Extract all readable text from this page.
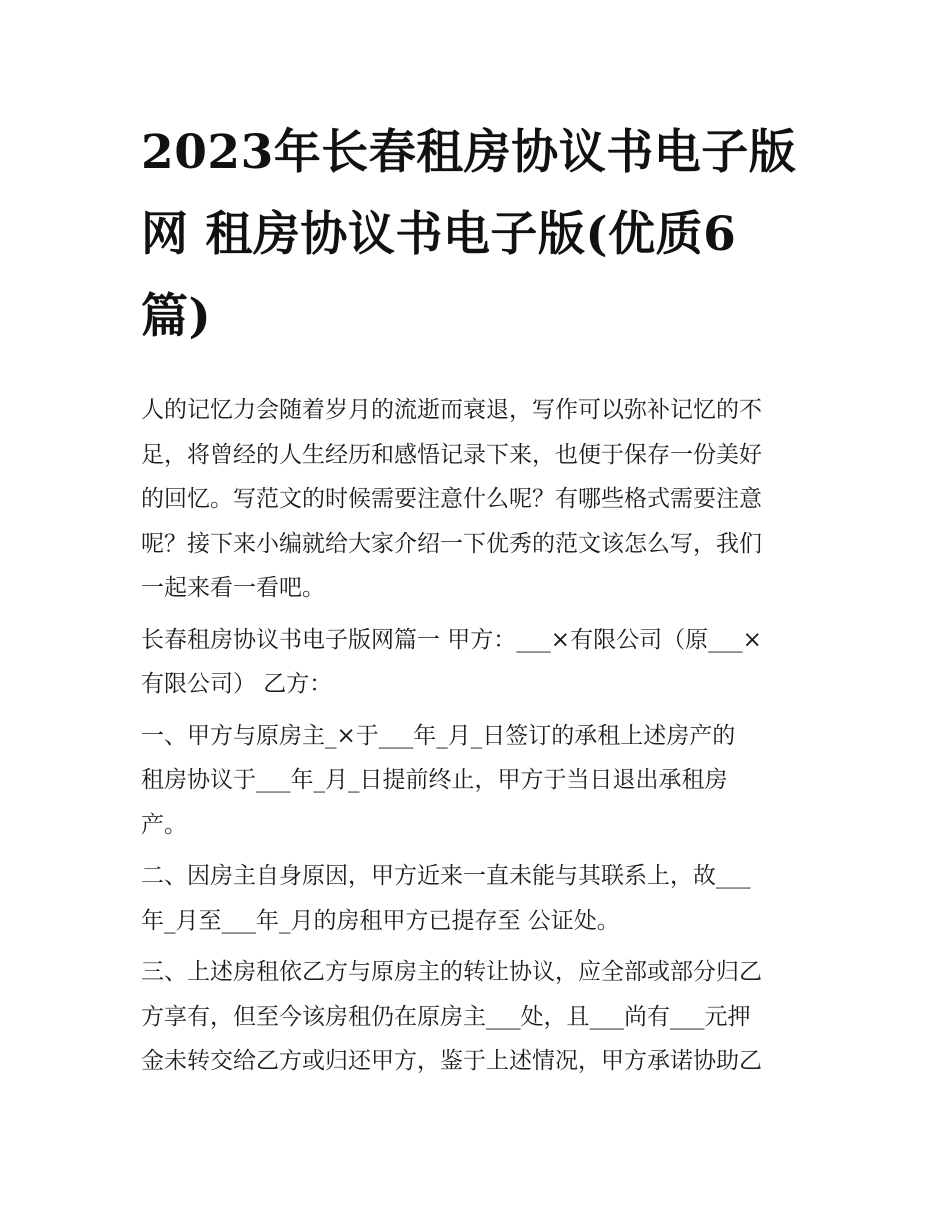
2023年长春租房协议书电子版
网 租房协议书电子版(优质6
篇)

人的记忆力会随着岁月的流逝而衰退，写作可以弥补记忆的不
足，将曾经的人生经历和感悟记录下来，也便于保存一份美好
的回忆。写范文的时候需要注意什么呢？有哪些格式需要注意
呢？接下来小编就给大家介绍一下优秀的范文该怎么写，我们
一起来看一看吧。

长春租房协议书电子版网篇一 甲方：___×有限公司（原___×
有限公司） 乙方：

一、甲方与原房主_×于___年_月_日签订的承租上述房产的
租房协议于___年_月_日提前终止，甲方于当日退出承租房
产。

二、因房主自身原因，甲方近来一直未能与其联系上，故___
年_月至___年_月的房租甲方已提存至 公证处。

三、上述房租依乙方与原房主的转让协议，应全部或部分归乙
方享有，但至今该房租仍在原房主___处，且___尚有___元押
金未转交给乙方或归还甲方，鉴于上述情况，甲方承诺协助乙
